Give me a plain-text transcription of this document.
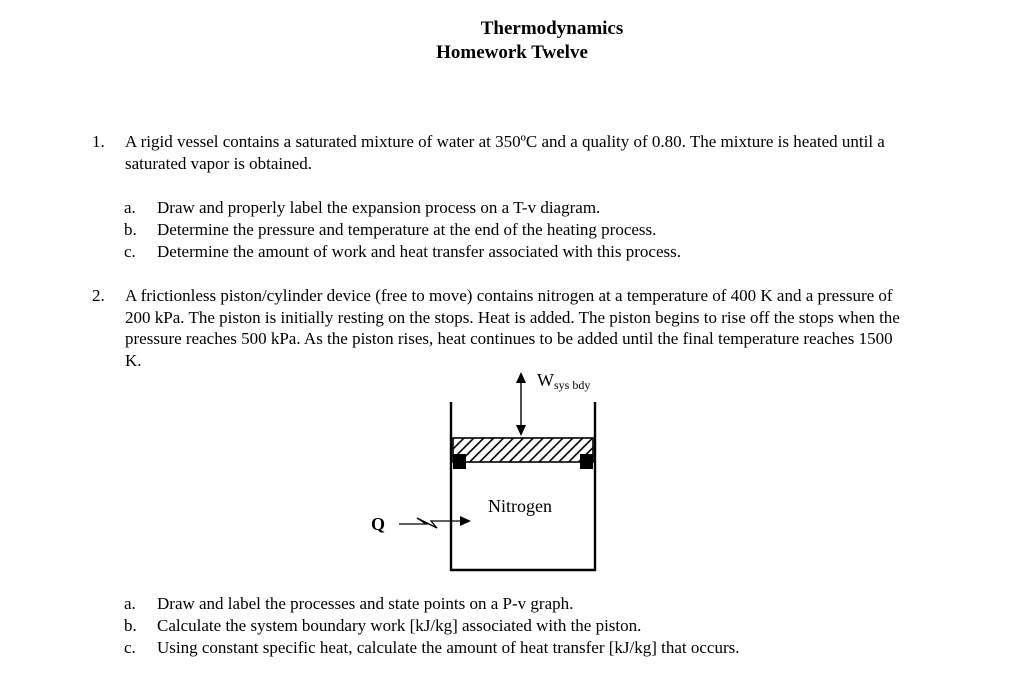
Thermodynamics
Homework Twelve
1. A rigid vessel contains a saturated mixture of water at 350ºC and a quality of 0.80. The mixture is heated until a saturated vapor is obtained.
a. Draw and properly label the expansion process on a T-v diagram.
b. Determine the pressure and temperature at the end of the heating process.
c. Determine the amount of work and heat transfer associated with this process.
2. A frictionless piston/cylinder device (free to move) contains nitrogen at a temperature of 400 K and a pressure of 200 kPa. The piston is initially resting on the stops. Heat is added. The piston begins to rise off the stops when the pressure reaches 500 kPa. As the piston rises, heat continues to be added until the final temperature reaches 1500 K.
Wsys bdy
Nitrogen
Q
a. Draw and label the processes and state points on a P-v graph.
b. Calculate the system boundary work [kJ/kg] associated with the piston.
c. Using constant specific heat, calculate the amount of heat transfer [kJ/kg] that occurs.
